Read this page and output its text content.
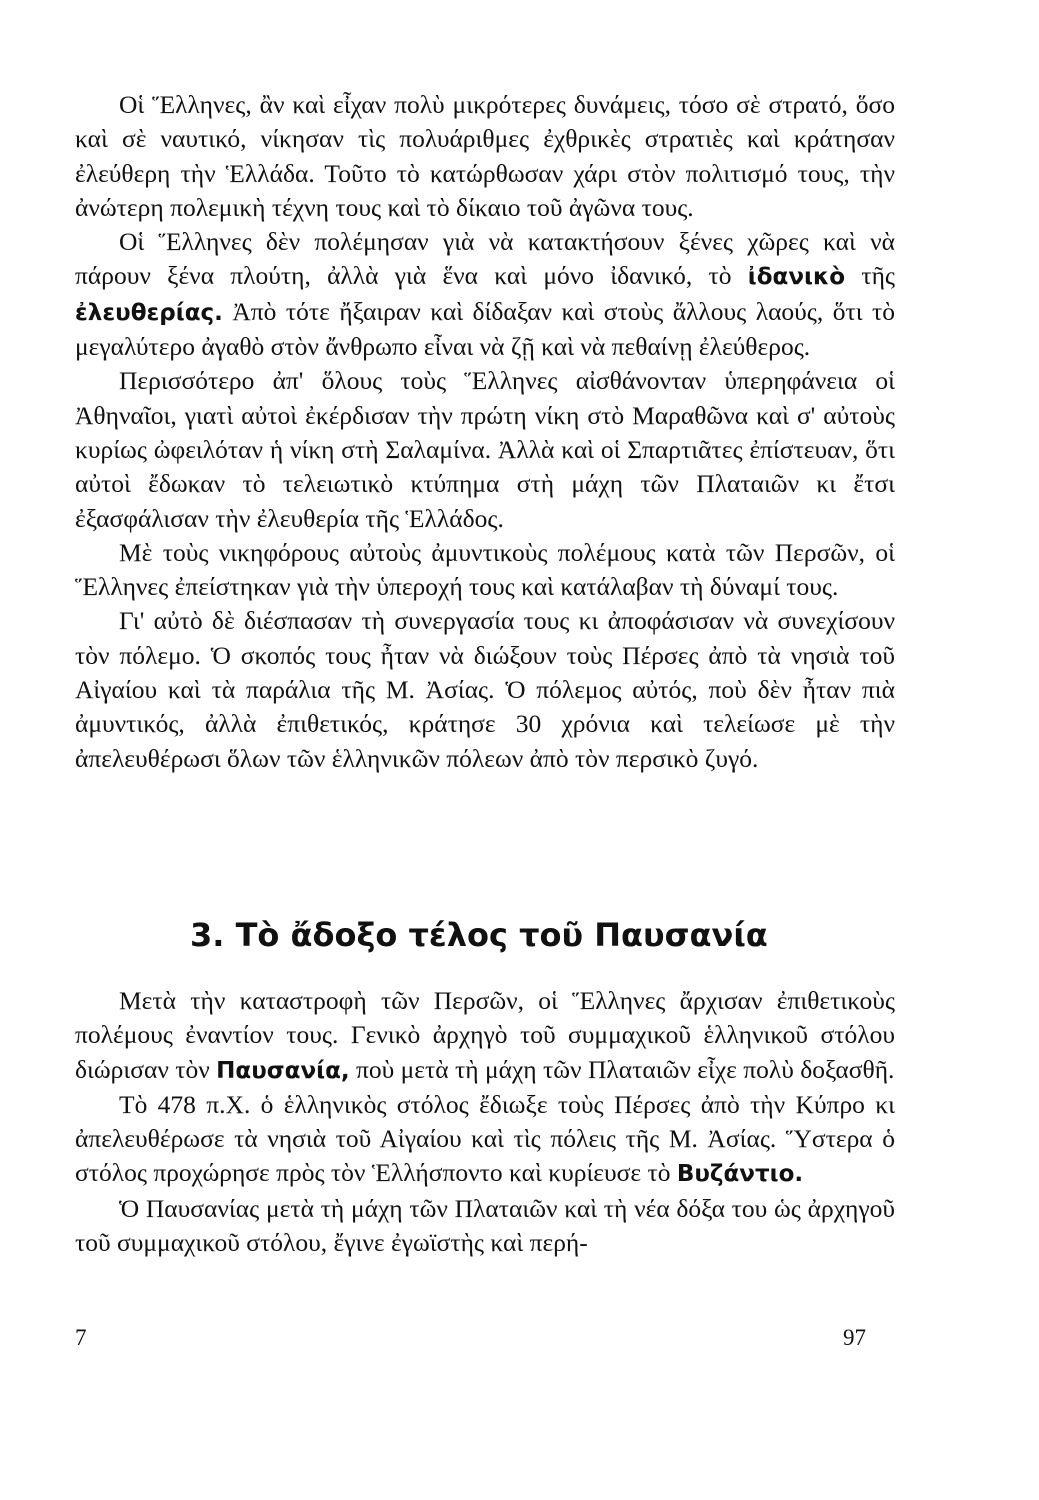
Οἱ Ἕλληνες, ἂν καὶ εἶχαν πολὺ μικρότερες δυνάμεις, τόσο σὲ στρατό, ὅσο καὶ σὲ ναυτικό, νίκησαν τὶς πολυάριθμες ἐχθρικὲς στρατιὲς καὶ κράτησαν ἐλεύθερη τὴν Ἑλλάδα. Τοῦτο τὸ κατώρθωσαν χάρι στὸν πολιτισμό τους, τὴν ἀνώτερη πολεμικὴ τέχνη τους καὶ τὸ δίκαιο τοῦ ἀγῶνα τους.

Οἱ Ἕλληνες δὲν πολέμησαν γιὰ νὰ κατακτήσουν ξένες χῶρες καὶ νὰ πάρουν ξένα πλούτη, ἀλλὰ γιὰ ἕνα καὶ μόνο ἰδανικό, τὸ ἰδανικὸ τῆς ἐλευθερίας. Ἀπὸ τότε ἤξαιραν καὶ δίδαξαν καὶ στοὺς ἄλλους λαούς, ὅτι τὸ μεγαλύτερο ἀγαθὸ στὸν ἄνθρωπο εἶναι νὰ ζῇ καὶ νὰ πεθαίνῃ ἐλεύθερος.

Περισσότερο ἀπ' ὅλους τοὺς Ἕλληνες αἰσθάνονταν ὑπερηφάνεια οἱ Ἀθηναῖοι, γιατὶ αὐτοὶ ἐκέρδισαν τὴν πρώτη νίκη στὸ Μαραθῶνα καὶ σ' αὐτοὺς κυρίως ὠφειλόταν ἡ νίκη στὴ Σαλαμίνα. Ἀλλὰ καὶ οἱ Σπαρτιᾶτες ἐπίστευαν, ὅτι αὐτοὶ ἔδωκαν τὸ τελειωτικὸ κτύπημα στὴ μάχη τῶν Πλαταιῶν κι ἔτσι ἐξασφάλισαν τὴν ἐλευθερία τῆς Ἑλλάδος.

Μὲ τοὺς νικηφόρους αὐτοὺς ἀμυντικοὺς πολέμους κατὰ τῶν Περσῶν, οἱ Ἕλληνες ἐπείστηκαν γιὰ τὴν ὑπεροχή τους καὶ κατάλαβαν τὴ δύναμί τους.

Γι' αὐτὸ δὲ διέσπασαν τὴ συνεργασία τους κι ἀποφάσισαν νὰ συνεχίσουν τὸν πόλεμο. Ὁ σκοπός τους ἦταν νὰ διώξουν τοὺς Πέρσες ἀπὸ τὰ νησιὰ τοῦ Αἰγαίου καὶ τὰ παράλια τῆς Μ. Ἀσίας. Ὁ πόλεμος αὐτός, ποὺ δὲν ἦταν πιὰ ἀμυντικός, ἀλλὰ ἐπιθετικός, κράτησε 30 χρόνια καὶ τελείωσε μὲ τὴν ἀπελευθέρωσι ὅλων τῶν ἑλληνικῶν πόλεων ἀπὸ τὸν περσικὸ ζυγό.

3. Τὸ ἄδοξο τέλος τοῦ Παυσανία

Μετὰ τὴν καταστροφὴ τῶν Περσῶν, οἱ Ἕλληνες ἄρχισαν ἐπιθετικοὺς πολέμους ἐναντίον τους. Γενικὸ ἀρχηγὸ τοῦ συμμαχικοῦ ἑλληνικοῦ στόλου διώρισαν τὸν Παυσανία, ποὺ μετὰ τὴ μάχη τῶν Πλαταιῶν εἶχε πολὺ δοξασθῆ.

Τὸ 478 π.Χ. ὁ ἑλληνικὸς στόλος ἔδιωξε τοὺς Πέρσες ἀπὸ τὴν Κύπρο κι ἀπελευθέρωσε τὰ νησιὰ τοῦ Αἰγαίου καὶ τὶς πόλεις τῆς Μ. Ἀσίας. Ὕστερα ὁ στόλος προχώρησε πρὸς τὸν Ἑλλήσποντο καὶ κυρίευσε τὸ Βυζάντιο.

Ὁ Παυσανίας μετὰ τὴ μάχη τῶν Πλαταιῶν καὶ τὴ νέα δόξα του ὡς ἀρχηγοῦ τοῦ συμμαχικοῦ στόλου, ἔγινε ἐγωϊστὴς καὶ περή-

7	97
